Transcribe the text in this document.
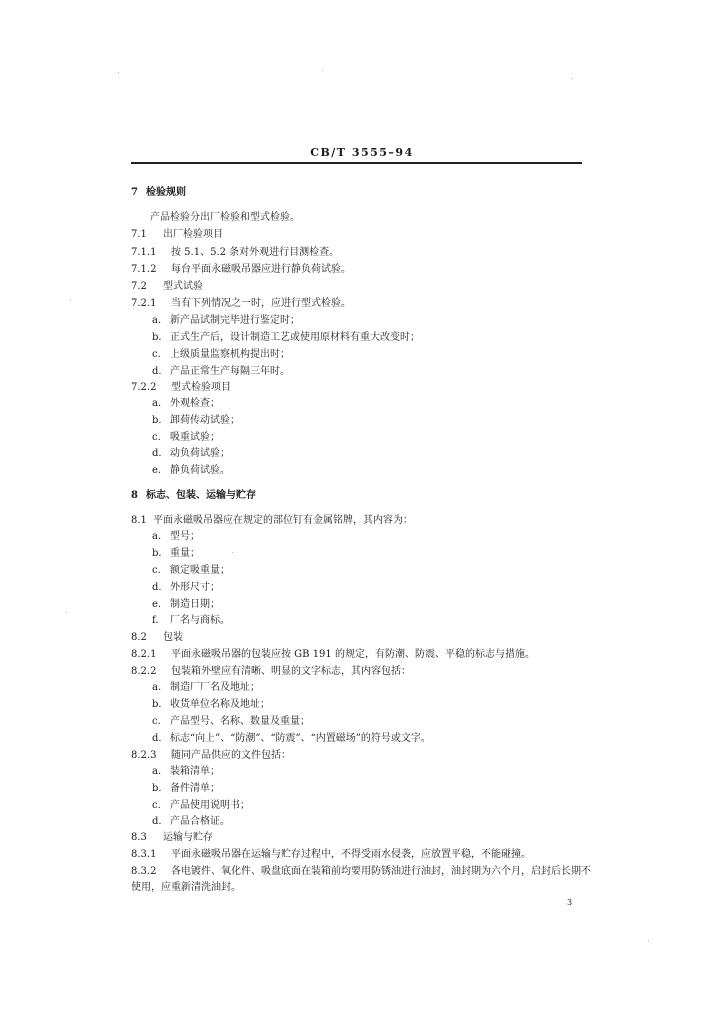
CB/T 3555–94
7 检验规则
产品检验分出厂检验和型式检验。
7.1 出厂检验项目
7.1.1 按 5.1、5.2 条对外观进行目测检查。
7.1.2 每台平面永磁吸吊器应进行静负荷试验。
7.2 型式试验
7.2.1 当有下列情况之一时，应进行型式检验。
a. 新产品试制完毕进行鉴定时；
b. 正式生产后，设计制造工艺或使用原材料有重大改变时；
c. 上级质量监察机构提出时；
d. 产品正常生产每隔三年时。
7.2.2 型式检验项目
a. 外观检查；
b. 卸荷传动试验；
c. 吸重试验；
d. 动负荷试验；
e. 静负荷试验。
8 标志、包装、运输与贮存
8.1 平面永磁吸吊器应在规定的部位钉有金属铭牌，其内容为：
a. 型号；
b. 重量；
c. 额定吸重量；
d. 外形尺寸；
e. 制造日期；
f. 厂名与商标。
8.2 包装
8.2.1 平面永磁吸吊器的包装应按 GB 191 的规定，有防潮、防震、平稳的标志与措施。
8.2.2 包装箱外壁应有清晰、明显的文字标志，其内容包括：
a. 制造厂厂名及地址；
b. 收货单位名称及地址；
c. 产品型号、名称、数量及重量；
d. 标志“向上”、“防潮”、“防震”、“内置磁场”的符号或文字。
8.2.3 随同产品供应的文件包括：
a. 装箱清单；
b. 备件清单；
c. 产品使用说明书；
d. 产品合格证。
8.3 运输与贮存
8.3.1 平面永磁吸吊器在运输与贮存过程中，不得受雨水侵袭，应放置平稳，不能碰撞。
8.3.2 各电镀件、氧化件、吸盘底面在装箱前均要用防锈油进行油封，油封期为六个月，启封后长期不
使用，应重新清洗油封。
3
